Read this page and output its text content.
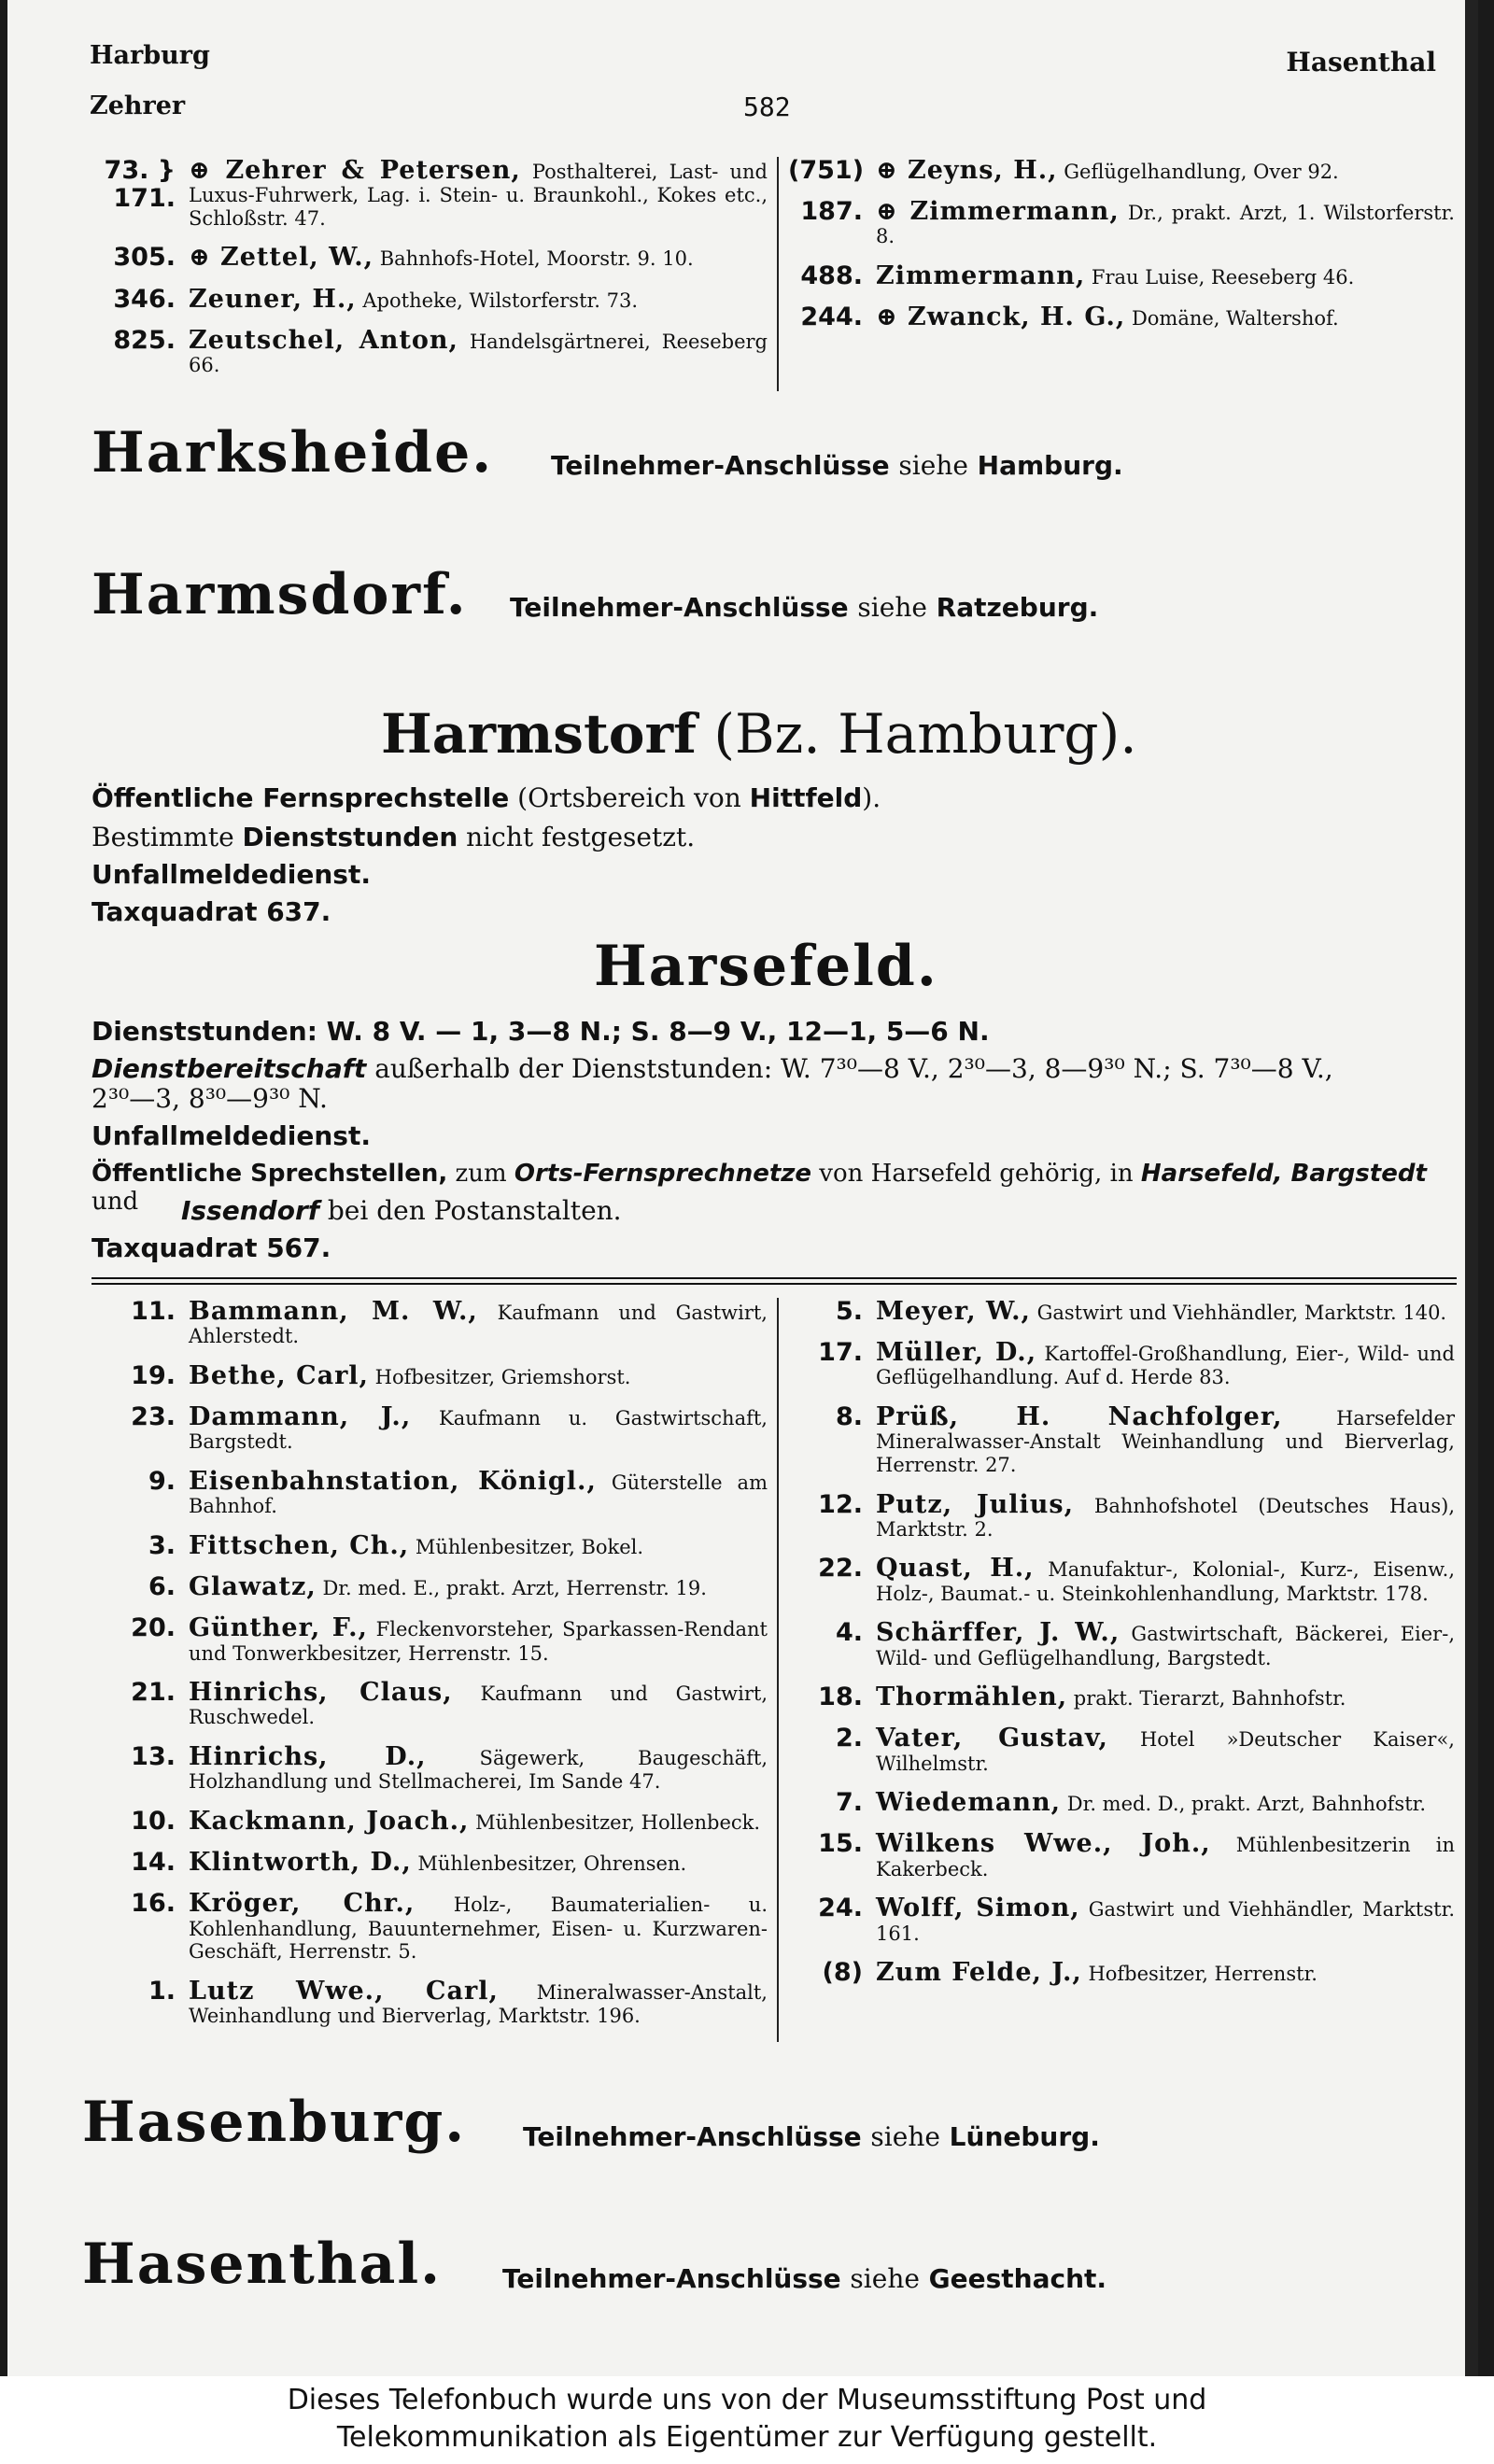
Harburg
Zehrer	582
Hasenthal
73. } 171.
⊕ Zehrer & Petersen, Posthalterei, Last- und Luxus-Fuhrwerk, Lag. i. Stein- u. Braunkohl., Kokes etc., Schloßstr. 47.
305. ⊕ Zettel, W., Bahnhofs-Hotel, Moorstr. 9. 10.
346. Zeuner, H., Apotheke, Wilstorferstr. 73.
825. Zeutschel, Anton, Handelsgärtnerei, Reeseberg 66.
(751) ⊕ Zeyns, H., Geflügelhandlung, Over 92.
187. ⊕ Zimmermann, Dr., prakt. Arzt, 1. Wilstorferstr. 8.
488. Zimmermann, Frau Luise, Reeseberg 46.
244. ⊕ Zwanck, H. G., Domäne, Waltershof.
Harksheide. Teilnehmer-Anschlüsse siehe Hamburg.
Harmsdorf. Teilnehmer-Anschlüsse siehe Ratzeburg.
Harmstorf (Bz. Hamburg).
Öffentliche Fernsprechstelle (Ortsbereich von Hittfeld).
Bestimmte Dienststunden nicht festgesetzt.
Unfallmeldedienst.
Taxquadrat 637.
Harsefeld.
Dienststunden: W. 8 V. — 1, 3—8 N.; S. 8—9 V., 12—1, 5—6 N.
Dienstbereitschaft außerhalb der Dienststunden: W. 7³⁰—8 V., 2³⁰—3, 8—9³⁰ N.; S. 7³⁰—8 V.,
2³⁰—3, 8³⁰—9³⁰ N.
Unfallmeldedienst.
Öffentliche Sprechstellen, zum Orts-Fernsprechnetze von Harsefeld gehörig, in Harsefeld, Bargstedt und	Issendorf bei den Postanstalten.
Taxquadrat 567.
11. Bammann, M. W., Kaufmann und Gastwirt, Ahlerstedt.
19. Bethe, Carl, Hofbesitzer, Griemshorst.
23. Dammann, J., Kaufmann u. Gastwirtschaft, Bargstedt.
9. Eisenbahnstation, Königl., Güterstelle am Bahnhof.
3. Fittschen, Ch., Mühlenbesitzer, Bokel.
6. Glawatz, Dr. med. E., prakt. Arzt, Herrenstr. 19.
20. Günther, F., Fleckenvorsteher, Sparkassen-Rendant und Tonwerkbesitzer, Herrenstr. 15.
21. Hinrichs, Claus, Kaufmann und Gastwirt, Ruschwedel.
13. Hinrichs, D., Sägewerk, Baugeschäft, Holzhandlung und Stellmacherei, Im Sande 47.
10. Kackmann, Joach., Mühlenbesitzer, Hollenbeck.
14. Klintworth, D., Mühlenbesitzer, Ohrensen.
16. Kröger, Chr., Holz-, Baumaterialien- u. Kohlenhandlung, Bauunternehmer, Eisen- u. Kurzwaren-Geschäft, Herrenstr. 5.
1. Lutz Wwe., Carl, Mineralwasser-Anstalt, Weinhandlung und Bierverlag, Marktstr. 196.
5. Meyer, W., Gastwirt und Viehhändler, Marktstr. 140.
17. Müller, D., Kartoffel-Großhandlung, Eier-, Wild- und Geflügelhandlung. Auf d. Herde 83.
8. Prüß, H. Nachfolger, Harsefelder Mineralwasser-Anstalt Weinhandlung und Bierverlag, Herrenstr. 27.
12. Putz, Julius, Bahnhofshotel (Deutsches Haus), Marktstr. 2.
22. Quast, H., Manufaktur-, Kolonial-, Kurz-, Eisenw., Holz-, Baumat.- u. Steinkohlenhandlung, Marktstr. 178.
4. Schärffer, J. W., Gastwirtschaft, Bäckerei, Eier-, Wild- und Geflügelhandlung, Bargstedt.
18. Thormählen, prakt. Tierarzt, Bahnhofstr.
2. Vater, Gustav, Hotel »Deutscher Kaiser«, Wilhelmstr.
7. Wiedemann, Dr. med. D., prakt. Arzt, Bahnhofstr.
15. Wilkens Wwe., Joh., Mühlenbesitzerin in Kakerbeck.
24. Wolff, Simon, Gastwirt und Viehhändler, Marktstr. 161.
(8) Zum Felde, J., Hofbesitzer, Herrenstr.
Hasenburg. Teilnehmer-Anschlüsse siehe Lüneburg.
Hasenthal. Teilnehmer-Anschlüsse siehe Geesthacht.
Dieses Telefonbuch wurde uns von der Museumsstiftung Post und
Telekommunikation als Eigentümer zur Verfügung gestellt.
